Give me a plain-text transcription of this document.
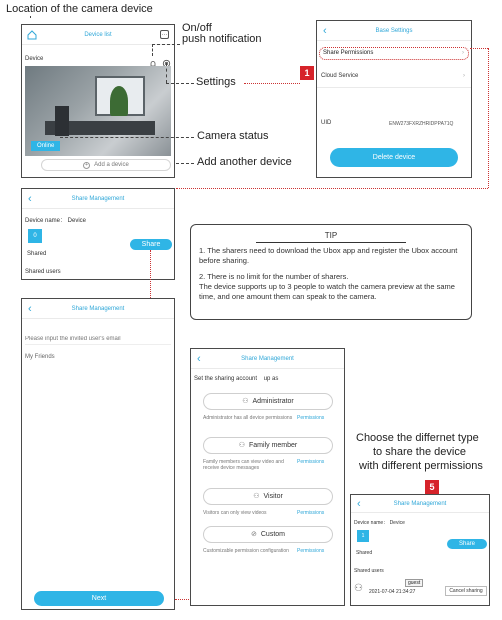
Location of the camera device
Device list	…
Device
Online
+ Add a device
On/off
push notification
Settings
Camera status
Add another device
1
‹	Base Settings
Share Permissions	›
Cloud Service	›
UID	ENW273FXRZHRIDPPA71Q
Delete device
‹	Share Management
Device name： Device
0
Shared
Share
Shared users
TIP
1. The sharers need to download the Ubox app and register the Ubox account before sharing.
2. There is no limit for the number of sharers.
The device supports up to 3 people to watch the camera preview at the same time, and one amount them can speak to the camera.
‹	Share Management
Please input the invited user's email
My Friends
Next
‹	Share Management
Set the sharing account    up as
⚇ Administrator
Administrator has all device permissions Permissions
⚇ Family member
Family members can view video and receive device messages
Permissions
⚇ Visitor
Visitors can only view videos	Permissions
⊘ Custom
Customizable permission configuration	Permissions
Choose the differnet type
to share the device
with different permissions
5
‹	Share Management
Device name： Device
1
Shared
Share
Shared users
⚇	guest
2021-07-04 21:34:27	Cancel sharing
